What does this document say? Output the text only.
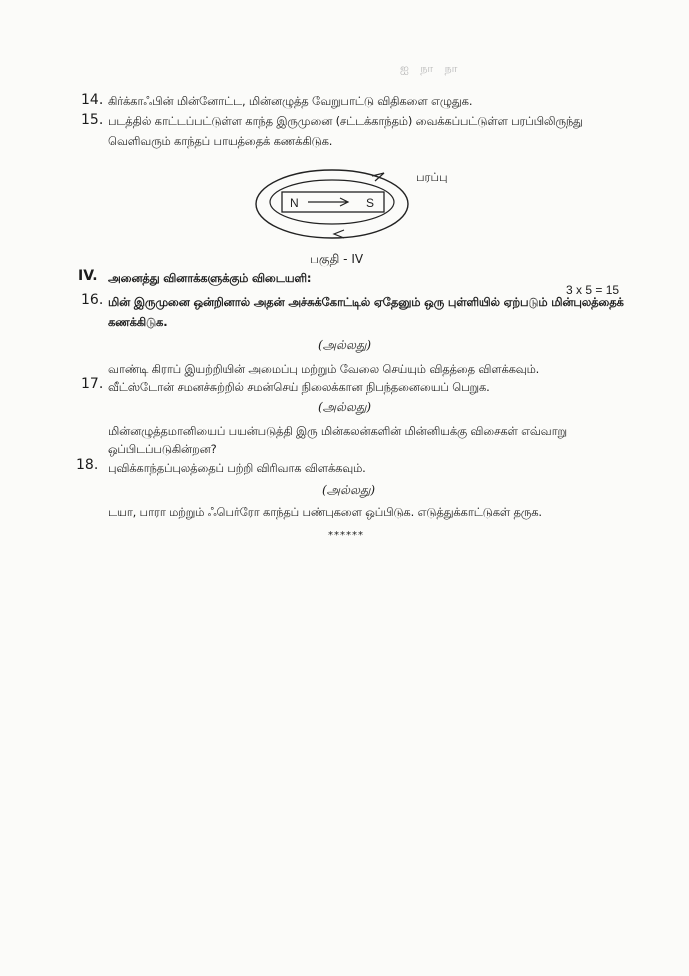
ஐ நா நா
14. கிர்க்காஃபின் மின்னோட்ட, மின்னழுத்த வேறுபாட்டு விதிகளை எழுதுக.
15. படத்தில் காட்டப்பட்டுள்ள காந்த இருமுனை (சட்டக்காந்தம்) வைக்கப்பட்டுள்ள பரப்பிலிருந்து
வெளிவரும் காந்தப் பாயத்தைக் கணக்கிடுக.
N	S
பரப்பு
பகுதி - IV
IV. அனைத்து வினாக்களுக்கும் விடையளி:
3 x 5 = 15
16. மின் இருமுனை ஒன்றினால் அதன் அச்சுக்கோட்டில் ஏதேனும் ஒரு புள்ளியில் ஏற்படும் மின்புலத்தைக்
கணக்கிடுக.
(அல்லது)
வாண்டி கிராப் இயற்றியின் அமைப்பு மற்றும் வேலை செய்யும் விதத்தை விளக்கவும்.
17. வீட்ஸ்டோன் சமனச்சுற்றில் சமன்செய் நிலைக்கான நிபந்தனையைப் பெறுக.
(அல்லது)
மின்னழுத்தமானியைப் பயன்படுத்தி இரு மின்கலன்களின் மின்னியக்கு விசைகள் எவ்வாறு
ஒப்பிடப்படுகின்றன?
18. புவிக்காந்தப்புலத்தைப் பற்றி விரிவாக விளக்கவும்.
(அல்லது)
டயா, பாரா மற்றும் ஃபெர்ரோ காந்தப் பண்புகளை ஒப்பிடுக. எடுத்துக்காட்டுகள் தருக.
******
